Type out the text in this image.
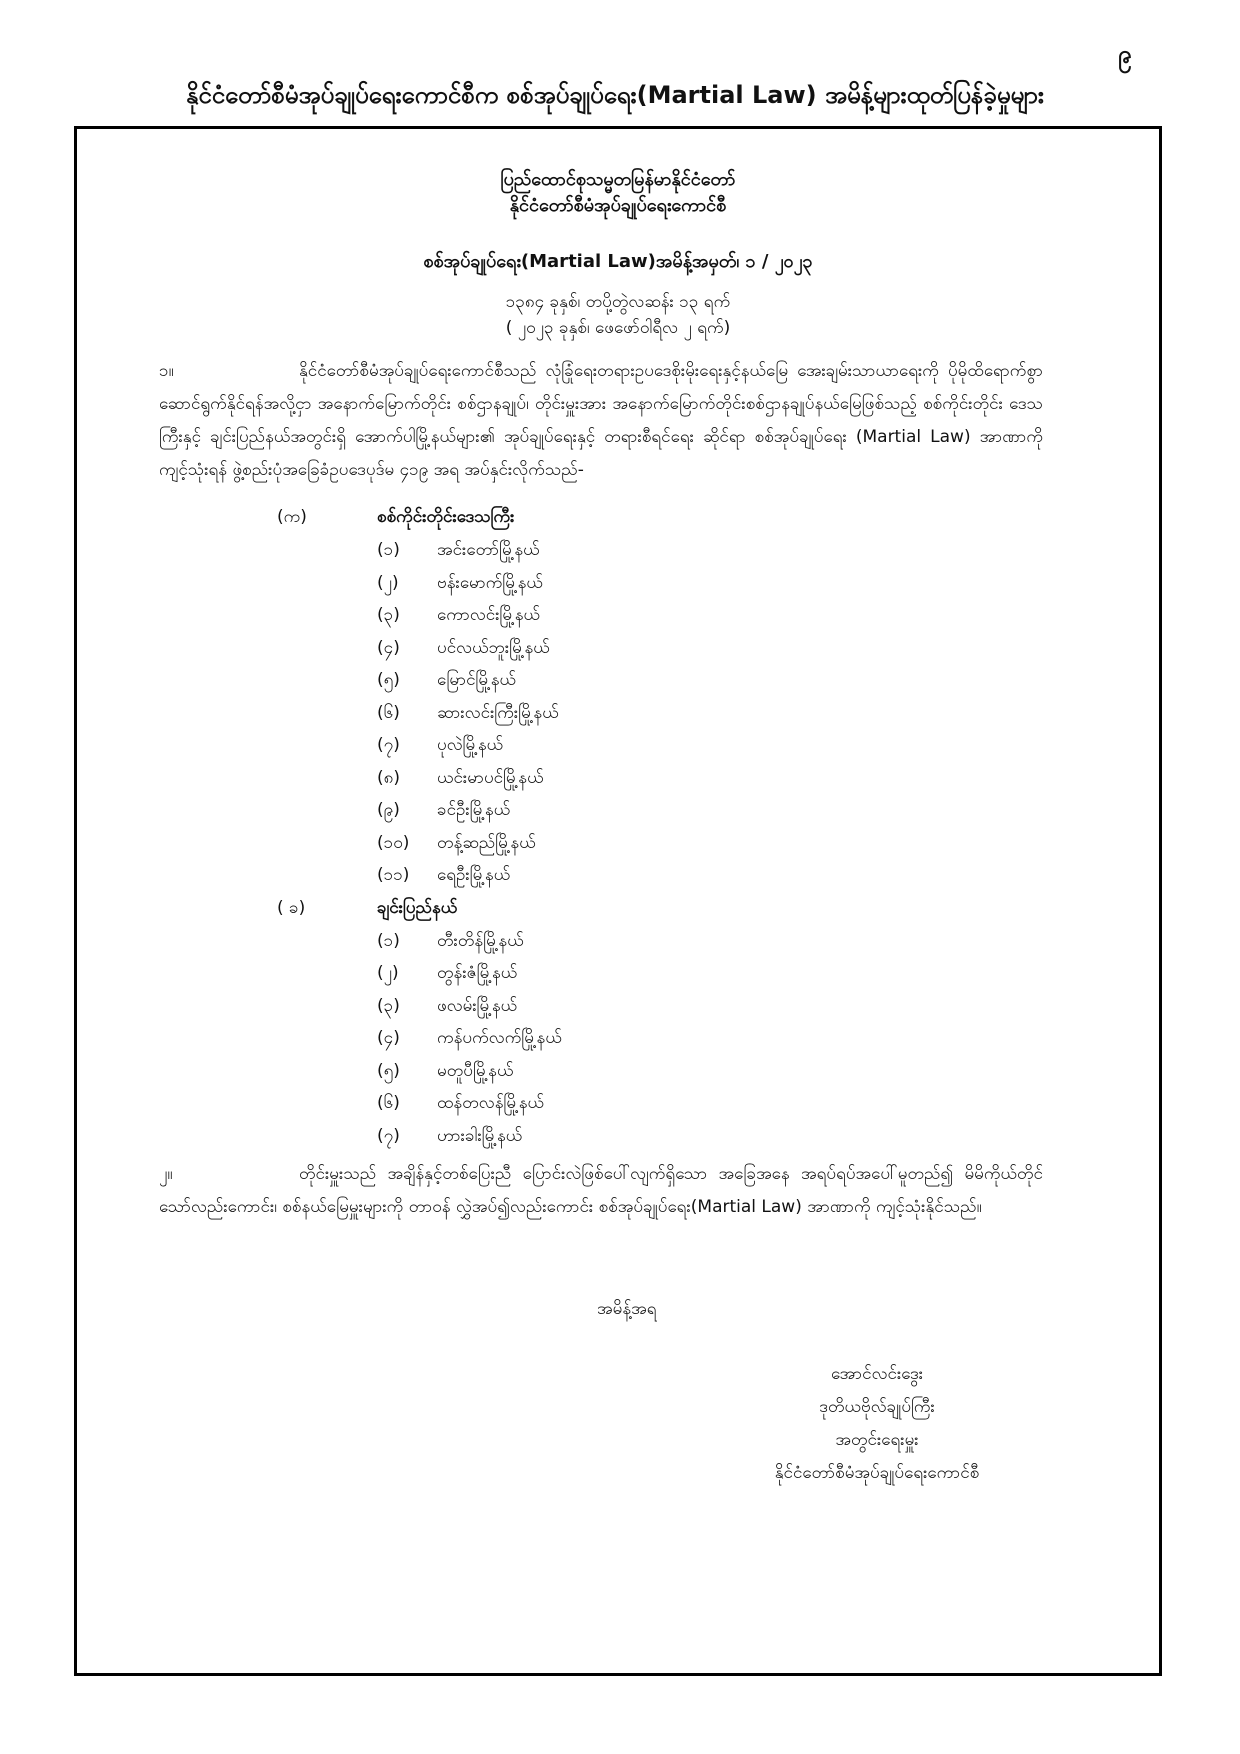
၉
နိုင်ငံတော်စီမံအုပ်ချုပ်ရေးကောင်စီက စစ်အုပ်ချုပ်ရေး(Martial Law) အမိန့်များထုတ်ပြန်ခဲ့မှုများ
ပြည်ထောင်စုသမ္မတမြန်မာနိုင်ငံတော်
နိုင်ငံတော်စီမံအုပ်ချုပ်ရေးကောင်စီ
စစ်အုပ်ချုပ်ရေး(Martial Law)အမိန့်အမှတ်၊ ၁ / ၂၀၂၃
၁၃၈၄ ခုနှစ်၊ တပို့တွဲလဆန်း ၁၃ ရက်
( ၂၀၂၃ ခုနှစ်၊ ဖေဖော်ဝါရီလ ၂ ရက်)
၁။	နိုင်ငံတော်စီမံအုပ်ချုပ်ရေးကောင်စီသည် လုံခြုံရေးတရားဥပဒေစိုးမိုးရေးနှင့်နယ်မြေ အေးချမ်းသာယာရေးကို ပိုမိုထိရောက်စွာဆောင်ရွက်နိုင်ရန်အလို့ငှာ အနောက်မြောက်တိုင်း စစ်ဌာနချုပ်၊ တိုင်းမှူးအား အနောက်မြောက်တိုင်းစစ်ဌာနချုပ်နယ်မြေဖြစ်သည့် စစ်ကိုင်းတိုင်း ဒေသကြီးနှင့် ချင်းပြည်နယ်အတွင်းရှိ အောက်ပါမြို့နယ်များ၏ အုပ်ချုပ်ရေးနှင့် တရားစီရင်ရေး ဆိုင်ရာ စစ်အုပ်ချုပ်ရေး (Martial Law) အာဏာကို ကျင့်သုံးရန် ဖွဲ့စည်းပုံအခြေခံဥပဒေပုဒ်မ ၄၁၉ အရ အပ်နှင်းလိုက်သည်-
(က)	စစ်ကိုင်းတိုင်းဒေသကြီး
(၁) အင်းတော်မြို့နယ်
(၂) ဗန်းမောက်မြို့နယ်
(၃) ကောလင်းမြို့နယ်
(၄) ပင်လယ်ဘူးမြို့နယ်
(၅) မြောင်မြို့နယ်
(၆) ဆားလင်းကြီးမြို့နယ်
(၇) ပုလဲမြို့နယ်
(၈) ယင်းမာပင်မြို့နယ်
(၉) ခင်ဦးမြို့နယ်
(၁၀) တန့်ဆည်မြို့နယ်
(၁၁) ရေဦးမြို့နယ်
( ခ)	ချင်းပြည်နယ်
(၁) တီးတိန်မြို့နယ်
(၂) တွန်းဇံမြို့နယ်
(၃) ဖလမ်းမြို့နယ်
(၄) ကန်ပက်လက်မြို့နယ်
(၅) မတူပီမြို့နယ်
(၆) ထန်တလန်မြို့နယ်
(၇) ဟားခါးမြို့နယ်
၂။	တိုင်းမှူးသည် အချိန်နှင့်တစ်ပြေးညီ ပြောင်းလဲဖြစ်ပေါ်လျက်ရှိသော အခြေအနေ အရပ်ရပ်အပေါ်မူတည်၍ မိမိကိုယ်တိုင်သော်လည်းကောင်း၊ စစ်နယ်မြေမှူးများကို တာဝန် လွှဲအပ်၍လည်းကောင်း စစ်အုပ်ချုပ်ရေး(Martial Law) အာဏာကို ကျင့်သုံးနိုင်သည်။
အမိန့်အရ
အောင်လင်းဒွေး
ဒုတိယဗိုလ်ချုပ်ကြီး
အတွင်းရေးမှူး
နိုင်ငံတော်စီမံအုပ်ချုပ်ရေးကောင်စီ
